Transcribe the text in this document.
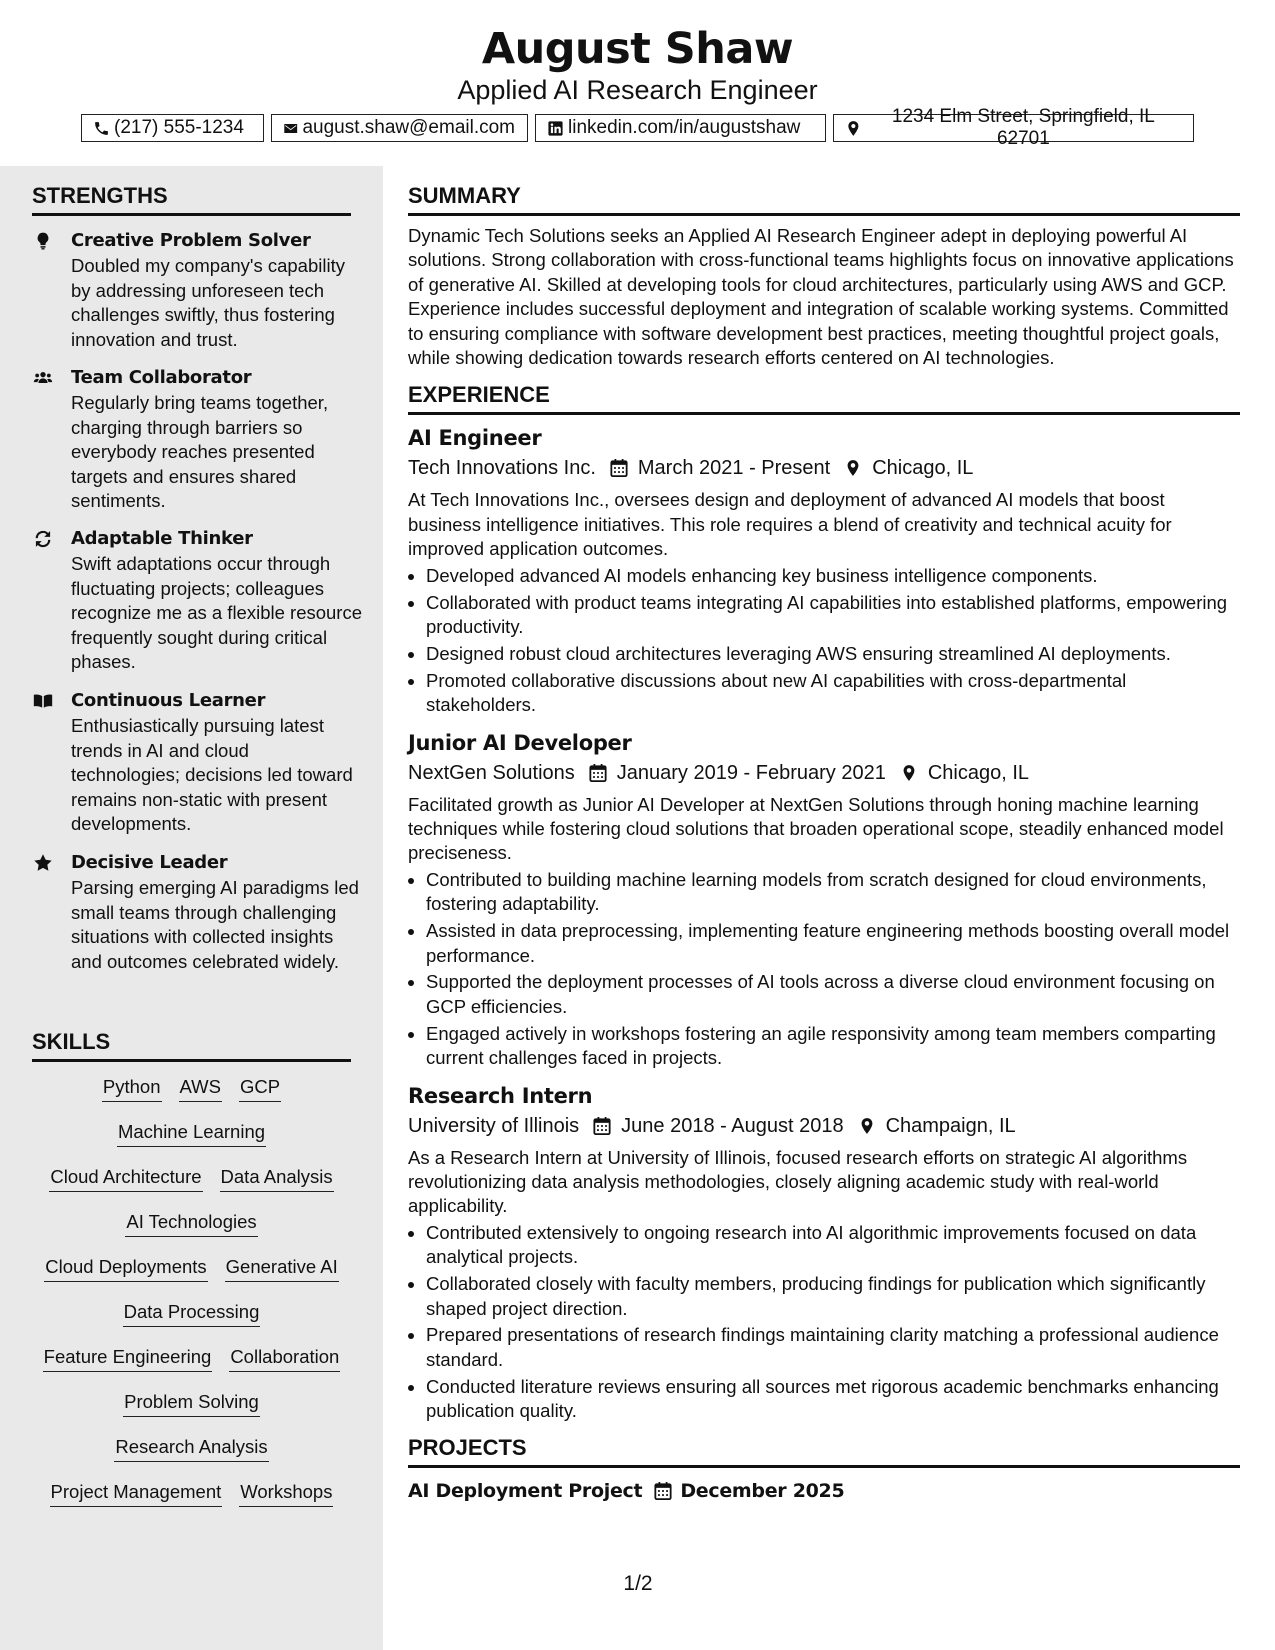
August Shaw
Applied AI Research Engineer
(217) 555-1234	august.shaw@email.com	linkedin.com/in/augustshaw
1234 Elm Street, Springfield, IL 62701
STRENGTHS
Creative Problem Solver
Doubled my company's capability by addressing unforeseen tech challenges swiftly, thus fostering innovation and trust.
Team Collaborator
Regularly bring teams together, charging through barriers so everybody reaches presented targets and ensures shared sentiments.
Adaptable Thinker
Swift adaptations occur through fluctuating projects; colleagues recognize me as a flexible resource frequently sought during critical phases.
Continuous Learner
Enthusiastically pursuing latest trends in AI and cloud technologies; decisions led toward remains non-static with present developments.
Decisive Leader
Parsing emerging AI paradigms led small teams through challenging situations with collected insights and outcomes celebrated widely.
SKILLS
Python AWS GCP
Machine Learning
Cloud Architecture Data Analysis
AI Technologies
Cloud Deployments Generative AI
Data Processing
Feature Engineering Collaboration
Problem Solving
Research Analysis
Project Management Workshops
SUMMARY
Dynamic Tech Solutions seeks an Applied AI Research Engineer adept in deploying powerful AI solutions. Strong collaboration with cross-functional teams highlights focus on innovative applications of generative AI. Skilled at developing tools for cloud architectures, particularly using AWS and GCP. Experience includes successful deployment and integration of scalable working systems. Committed to ensuring compliance with software development best practices, meeting thoughtful project goals, while showing dedication towards research efforts centered on AI technologies.
EXPERIENCE
AI Engineer
Tech Innovations Inc. March 2021 - Present Chicago, IL
At Tech Innovations Inc., oversees design and deployment of advanced AI models that boost business intelligence initiatives. This role requires a blend of creativity and technical acuity for improved application outcomes.
• Developed advanced AI models enhancing key business intelligence components.
• Collaborated with product teams integrating AI capabilities into established platforms, empowering productivity.
• Designed robust cloud architectures leveraging AWS ensuring streamlined AI deployments.
• Promoted collaborative discussions about new AI capabilities with cross-departmental stakeholders.
Junior AI Developer
NextGen Solutions January 2019 - February 2021 Chicago, IL
Facilitated growth as Junior AI Developer at NextGen Solutions through honing machine learning techniques while fostering cloud solutions that broaden operational scope, steadily enhanced model preciseness.
• Contributed to building machine learning models from scratch designed for cloud environments, fostering adaptability.
• Assisted in data preprocessing, implementing feature engineering methods boosting overall model performance.
• Supported the deployment processes of AI tools across a diverse cloud environment focusing on GCP efficiencies.
• Engaged actively in workshops fostering an agile responsivity among team members comparting current challenges faced in projects.
Research Intern
University of Illinois June 2018 - August 2018 Champaign, IL
As a Research Intern at University of Illinois, focused research efforts on strategic AI algorithms revolutionizing data analysis methodologies, closely aligning academic study with real-world applicability.
• Contributed extensively to ongoing research into AI algorithmic improvements focused on data analytical projects.
• Collaborated closely with faculty members, producing findings for publication which significantly shaped project direction.
• Prepared presentations of research findings maintaining clarity matching a professional audience standard.
• Conducted literature reviews ensuring all sources met rigorous academic benchmarks enhancing publication quality.
PROJECTS
AI Deployment Project December 2025
1/2
